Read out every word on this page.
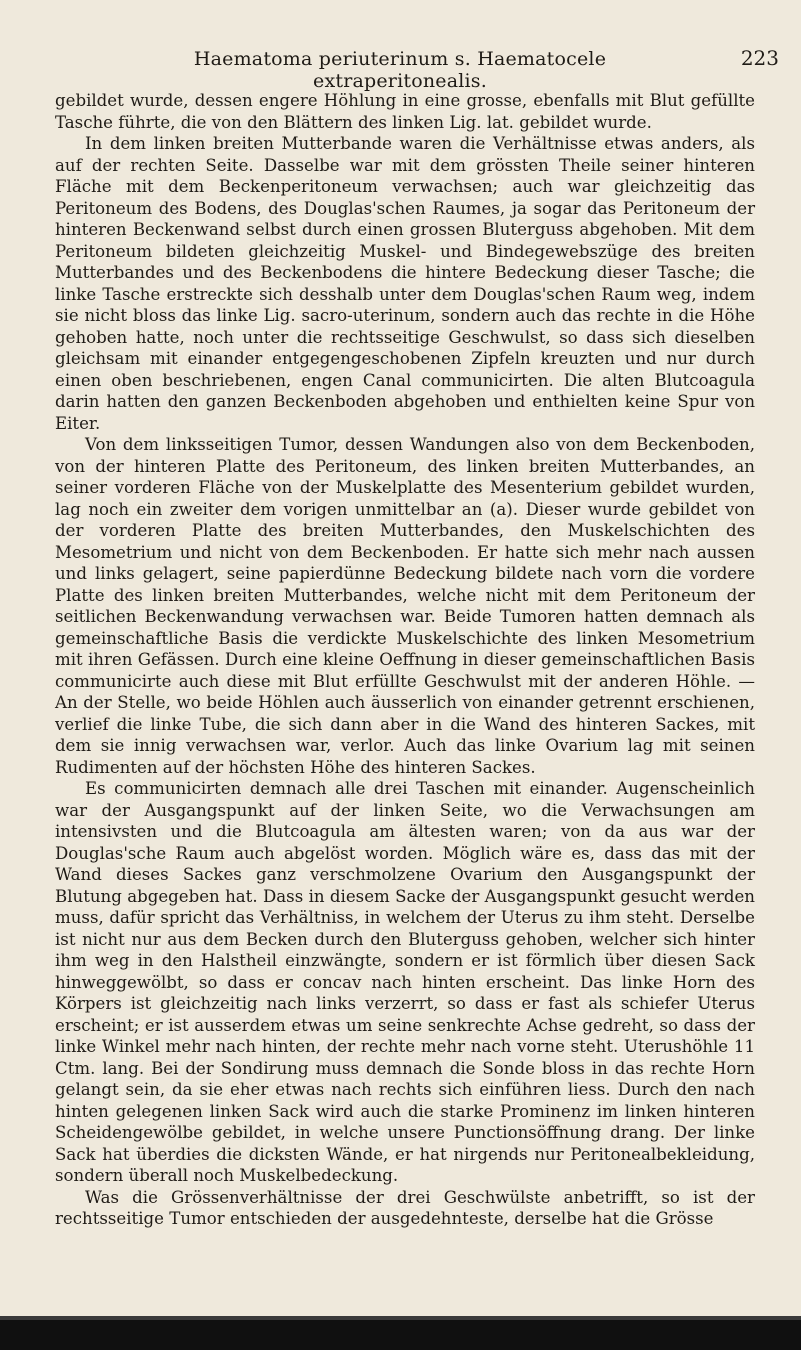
Haematoma periuterinum s. Haematocele extraperitonealis.
223

gebildet wurde, dessen engere Höhlung in eine grosse, ebenfalls mit Blut gefüllte Tasche führte, die von den Blättern des linken Lig. lat. gebildet wurde.

In dem linken breiten Mutterbande waren die Verhältnisse etwas anders, als auf der rechten Seite. Dasselbe war mit dem grössten Theile seiner hinteren Fläche mit dem Beckenperitoneum verwachsen; auch war gleichzeitig das Peritoneum des Bodens, des Douglas'schen Raumes, ja sogar das Peritoneum der hinteren Beckenwand selbst durch einen grossen Bluterguss abgehoben. Mit dem Peritoneum bildeten gleichzeitig Muskel- und Bindegewebszüge des breiten Mutterbandes und des Beckenbodens die hintere Bedeckung dieser Tasche; die linke Tasche erstreckte sich desshalb unter dem Douglas'schen Raum weg, indem sie nicht bloss das linke Lig. sacro-uterinum, sondern auch das rechte in die Höhe gehoben hatte, noch unter die rechtsseitige Geschwulst, so dass sich dieselben gleichsam mit einander entgegengeschobenen Zipfeln kreuzten und nur durch einen oben beschriebenen, engen Canal communicirten. Die alten Blutcoagula darin hatten den ganzen Beckenboden abgehoben und enthielten keine Spur von Eiter.

Von dem linksseitigen Tumor, dessen Wandungen also von dem Beckenboden, von der hinteren Platte des Peritoneum, des linken breiten Mutterbandes, an seiner vorderen Fläche von der Muskelplatte des Mesenterium gebildet wurden, lag noch ein zweiter dem vorigen unmittelbar an (a). Dieser wurde gebildet von der vorderen Platte des breiten Mutterbandes, den Muskelschichten des Mesometrium und nicht von dem Beckenboden. Er hatte sich mehr nach aussen und links gelagert, seine papierdünne Bedeckung bildete nach vorn die vordere Platte des linken breiten Mutterbandes, welche nicht mit dem Peritoneum der seitlichen Beckenwandung verwachsen war. Beide Tumoren hatten demnach als gemeinschaftliche Basis die verdickte Muskelschichte des linken Mesometrium mit ihren Gefässen. Durch eine kleine Oeffnung in dieser gemeinschaftlichen Basis communicirte auch diese mit Blut erfüllte Geschwulst mit der anderen Höhle. — An der Stelle, wo beide Höhlen auch äusserlich von einander getrennt erschienen, verlief die linke Tube, die sich dann aber in die Wand des hinteren Sackes, mit dem sie innig verwachsen war, verlor. Auch das linke Ovarium lag mit seinen Rudimenten auf der höchsten Höhe des hinteren Sackes.

Es communicirten demnach alle drei Taschen mit einander. Augenscheinlich war der Ausgangspunkt auf der linken Seite, wo die Verwachsungen am intensivsten und die Blutcoagula am ältesten waren; von da aus war der Douglas'sche Raum auch abgelöst worden. Möglich wäre es, dass das mit der Wand dieses Sackes ganz verschmolzene Ovarium den Ausgangspunkt der Blutung abgegeben hat. Dass in diesem Sacke der Ausgangspunkt gesucht werden muss, dafür spricht das Verhältniss, in welchem der Uterus zu ihm steht. Derselbe ist nicht nur aus dem Becken durch den Bluterguss gehoben, welcher sich hinter ihm weg in den Halstheil einzwängte, sondern er ist förmlich über diesen Sack hinweggewölbt, so dass er concav nach hinten erscheint. Das linke Horn des Körpers ist gleichzeitig nach links verzerrt, so dass er fast als schiefer Uterus erscheint; er ist ausserdem etwas um seine senkrechte Achse gedreht, so dass der linke Winkel mehr nach hinten, der rechte mehr nach vorne steht. Uterushöhle 11 Ctm. lang. Bei der Sondirung muss demnach die Sonde bloss in das rechte Horn gelangt sein, da sie eher etwas nach rechts sich einführen liess. Durch den nach hinten gelegenen linken Sack wird auch die starke Prominenz im linken hinteren Scheidengewölbe gebildet, in welche unsere Punctionsöffnung drang. Der linke Sack hat überdies die dicksten Wände, er hat nirgends nur Peritonealbekleidung, sondern überall noch Muskelbedeckung.

Was die Grössenverhältnisse der drei Geschwülste anbetrifft, so ist der rechtsseitige Tumor entschieden der ausgedehnteste, derselbe hat die Grösse
